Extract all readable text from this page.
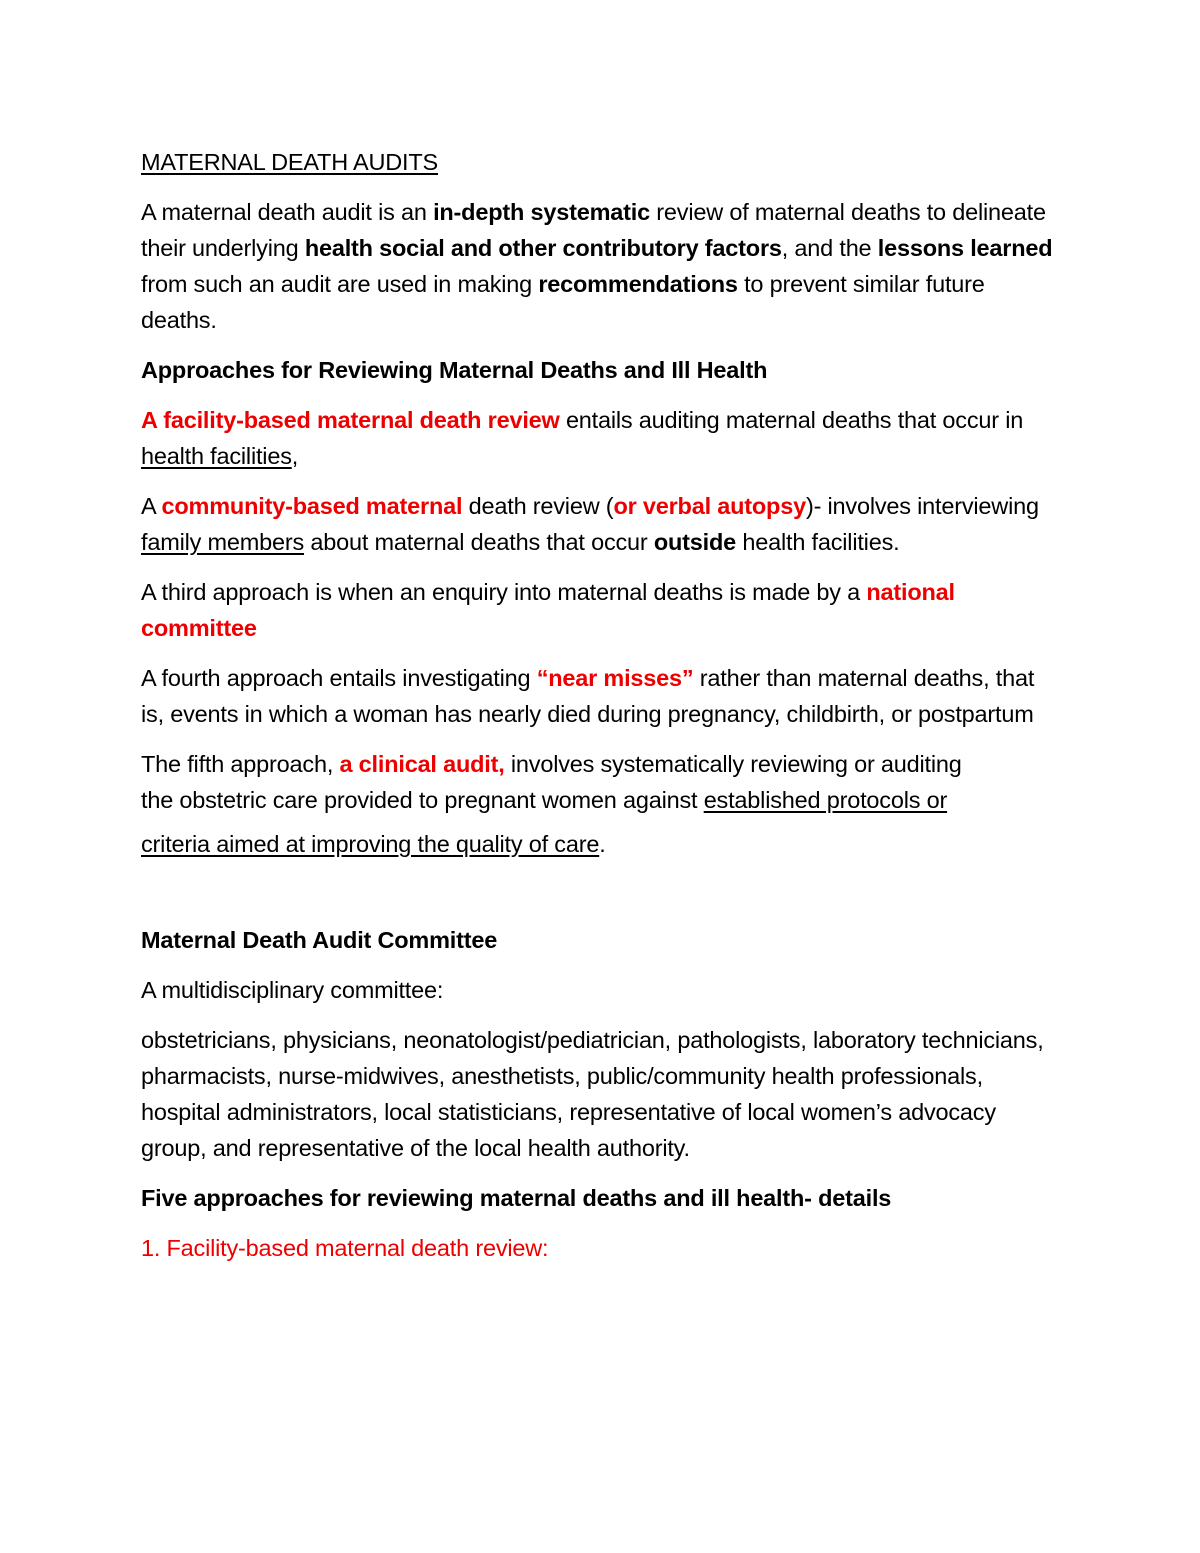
MATERNAL DEATH AUDITS

A maternal death audit is an in-depth systematic review of maternal deaths to delineate their underlying health social and other contributory factors, and the lessons learned from such an audit are used in making recommendations to prevent similar future deaths.

Approaches for Reviewing Maternal Deaths and Ill Health

A facility-based maternal death review entails auditing maternal deaths that occur in health facilities,

A community-based maternal death review (or verbal autopsy)- involves interviewing family members about maternal deaths that occur outside health facilities.

A third approach is when an enquiry into maternal deaths is made by a national committee

A fourth approach entails investigating “near misses” rather than maternal deaths, that is, events in which a woman has nearly died during pregnancy, childbirth, or postpartum

The fifth approach, a clinical audit, involves systematically reviewing or auditing
the obstetric care provided to pregnant women against established protocols or
criteria aimed at improving the quality of care.

Maternal Death Audit Committee

A multidisciplinary committee:

obstetricians, physicians, neonatologist/pediatrician, pathologists, laboratory technicians, pharmacists, nurse-midwives, anesthetists, public/community health professionals, hospital administrators, local statisticians, representative of local women’s advocacy group, and representative of the local health authority.

Five approaches for reviewing maternal deaths and ill health- details

1. Facility-based maternal death review:
